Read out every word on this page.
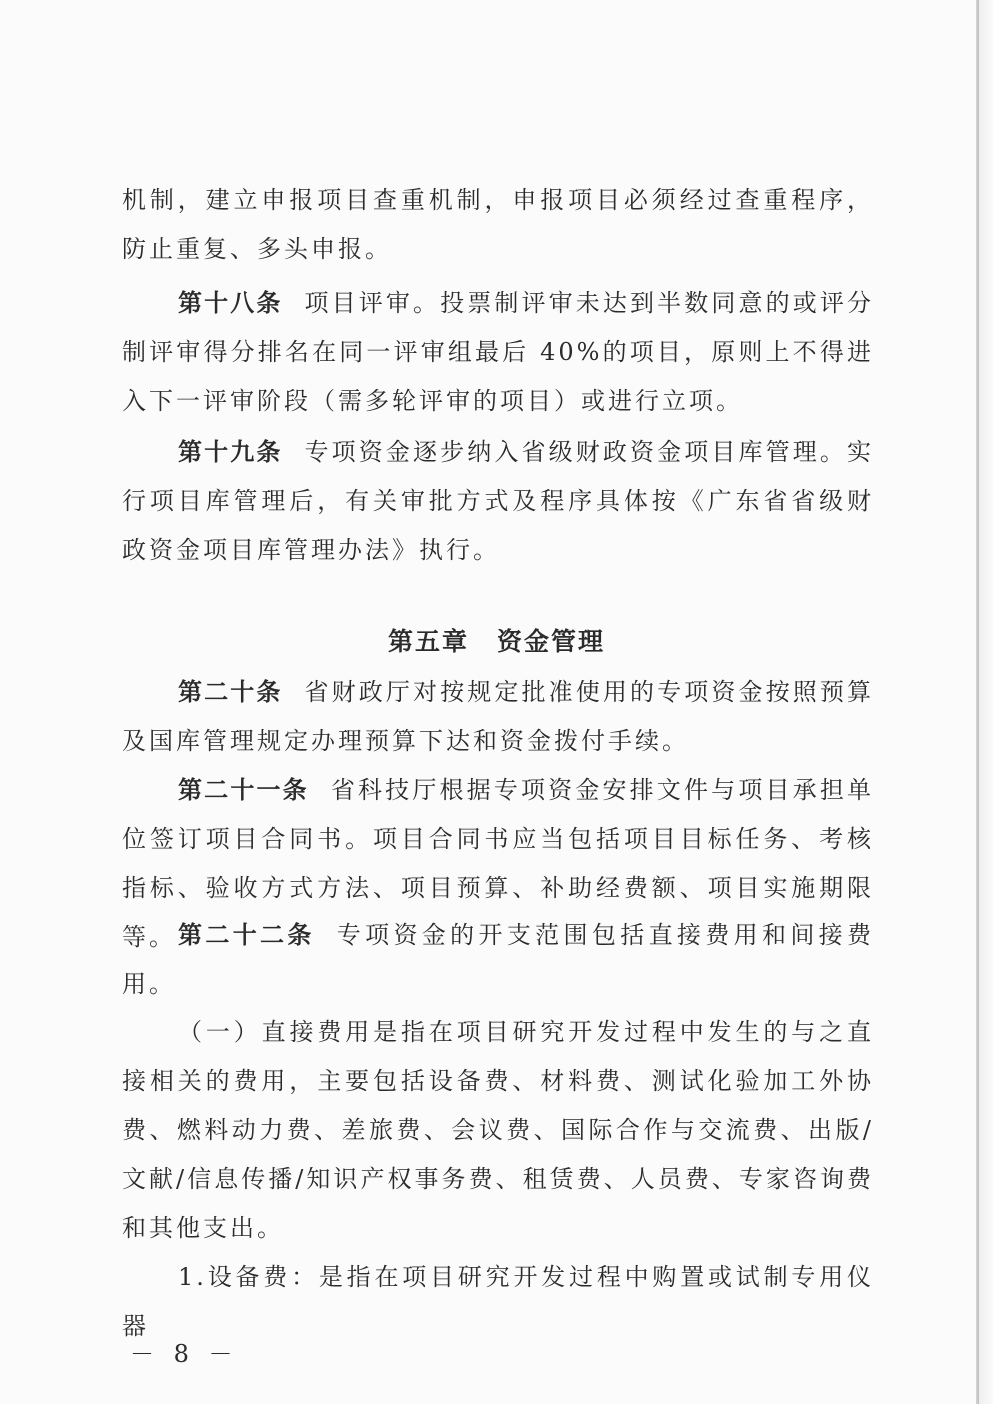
机制，建立申报项目查重机制，申报项目必须经过查重程序，防止重复、多头申报。

第十八条 项目评审。投票制评审未达到半数同意的或评分制评审得分排名在同一评审组最后 40%的项目，原则上不得进入下一评审阶段（需多轮评审的项目）或进行立项。

第十九条 专项资金逐步纳入省级财政资金项目库管理。实行项目库管理后，有关审批方式及程序具体按《广东省省级财政资金项目库管理办法》执行。

第五章 资金管理

第二十条 省财政厅对按规定批准使用的专项资金按照预算及国库管理规定办理预算下达和资金拨付手续。

第二十一条 省科技厅根据专项资金安排文件与项目承担单位签订项目合同书。项目合同书应当包括项目目标任务、考核指标、验收方式方法、项目预算、补助经费额、项目实施期限等。 第二十二条 专项资金的开支范围包括直接费用和间接费用。

（一）直接费用是指在项目研究开发过程中发生的与之直接相关的费用，主要包括设备费、材料费、测试化验加工外协费、燃料动力费、差旅费、会议费、国际合作与交流费、出版/文献/信息传播/知识产权事务费、租赁费、人员费、专家咨询费和其他支出。

1.设备费：是指在项目研究开发过程中购置或试制专用仪器

－ 8 －
